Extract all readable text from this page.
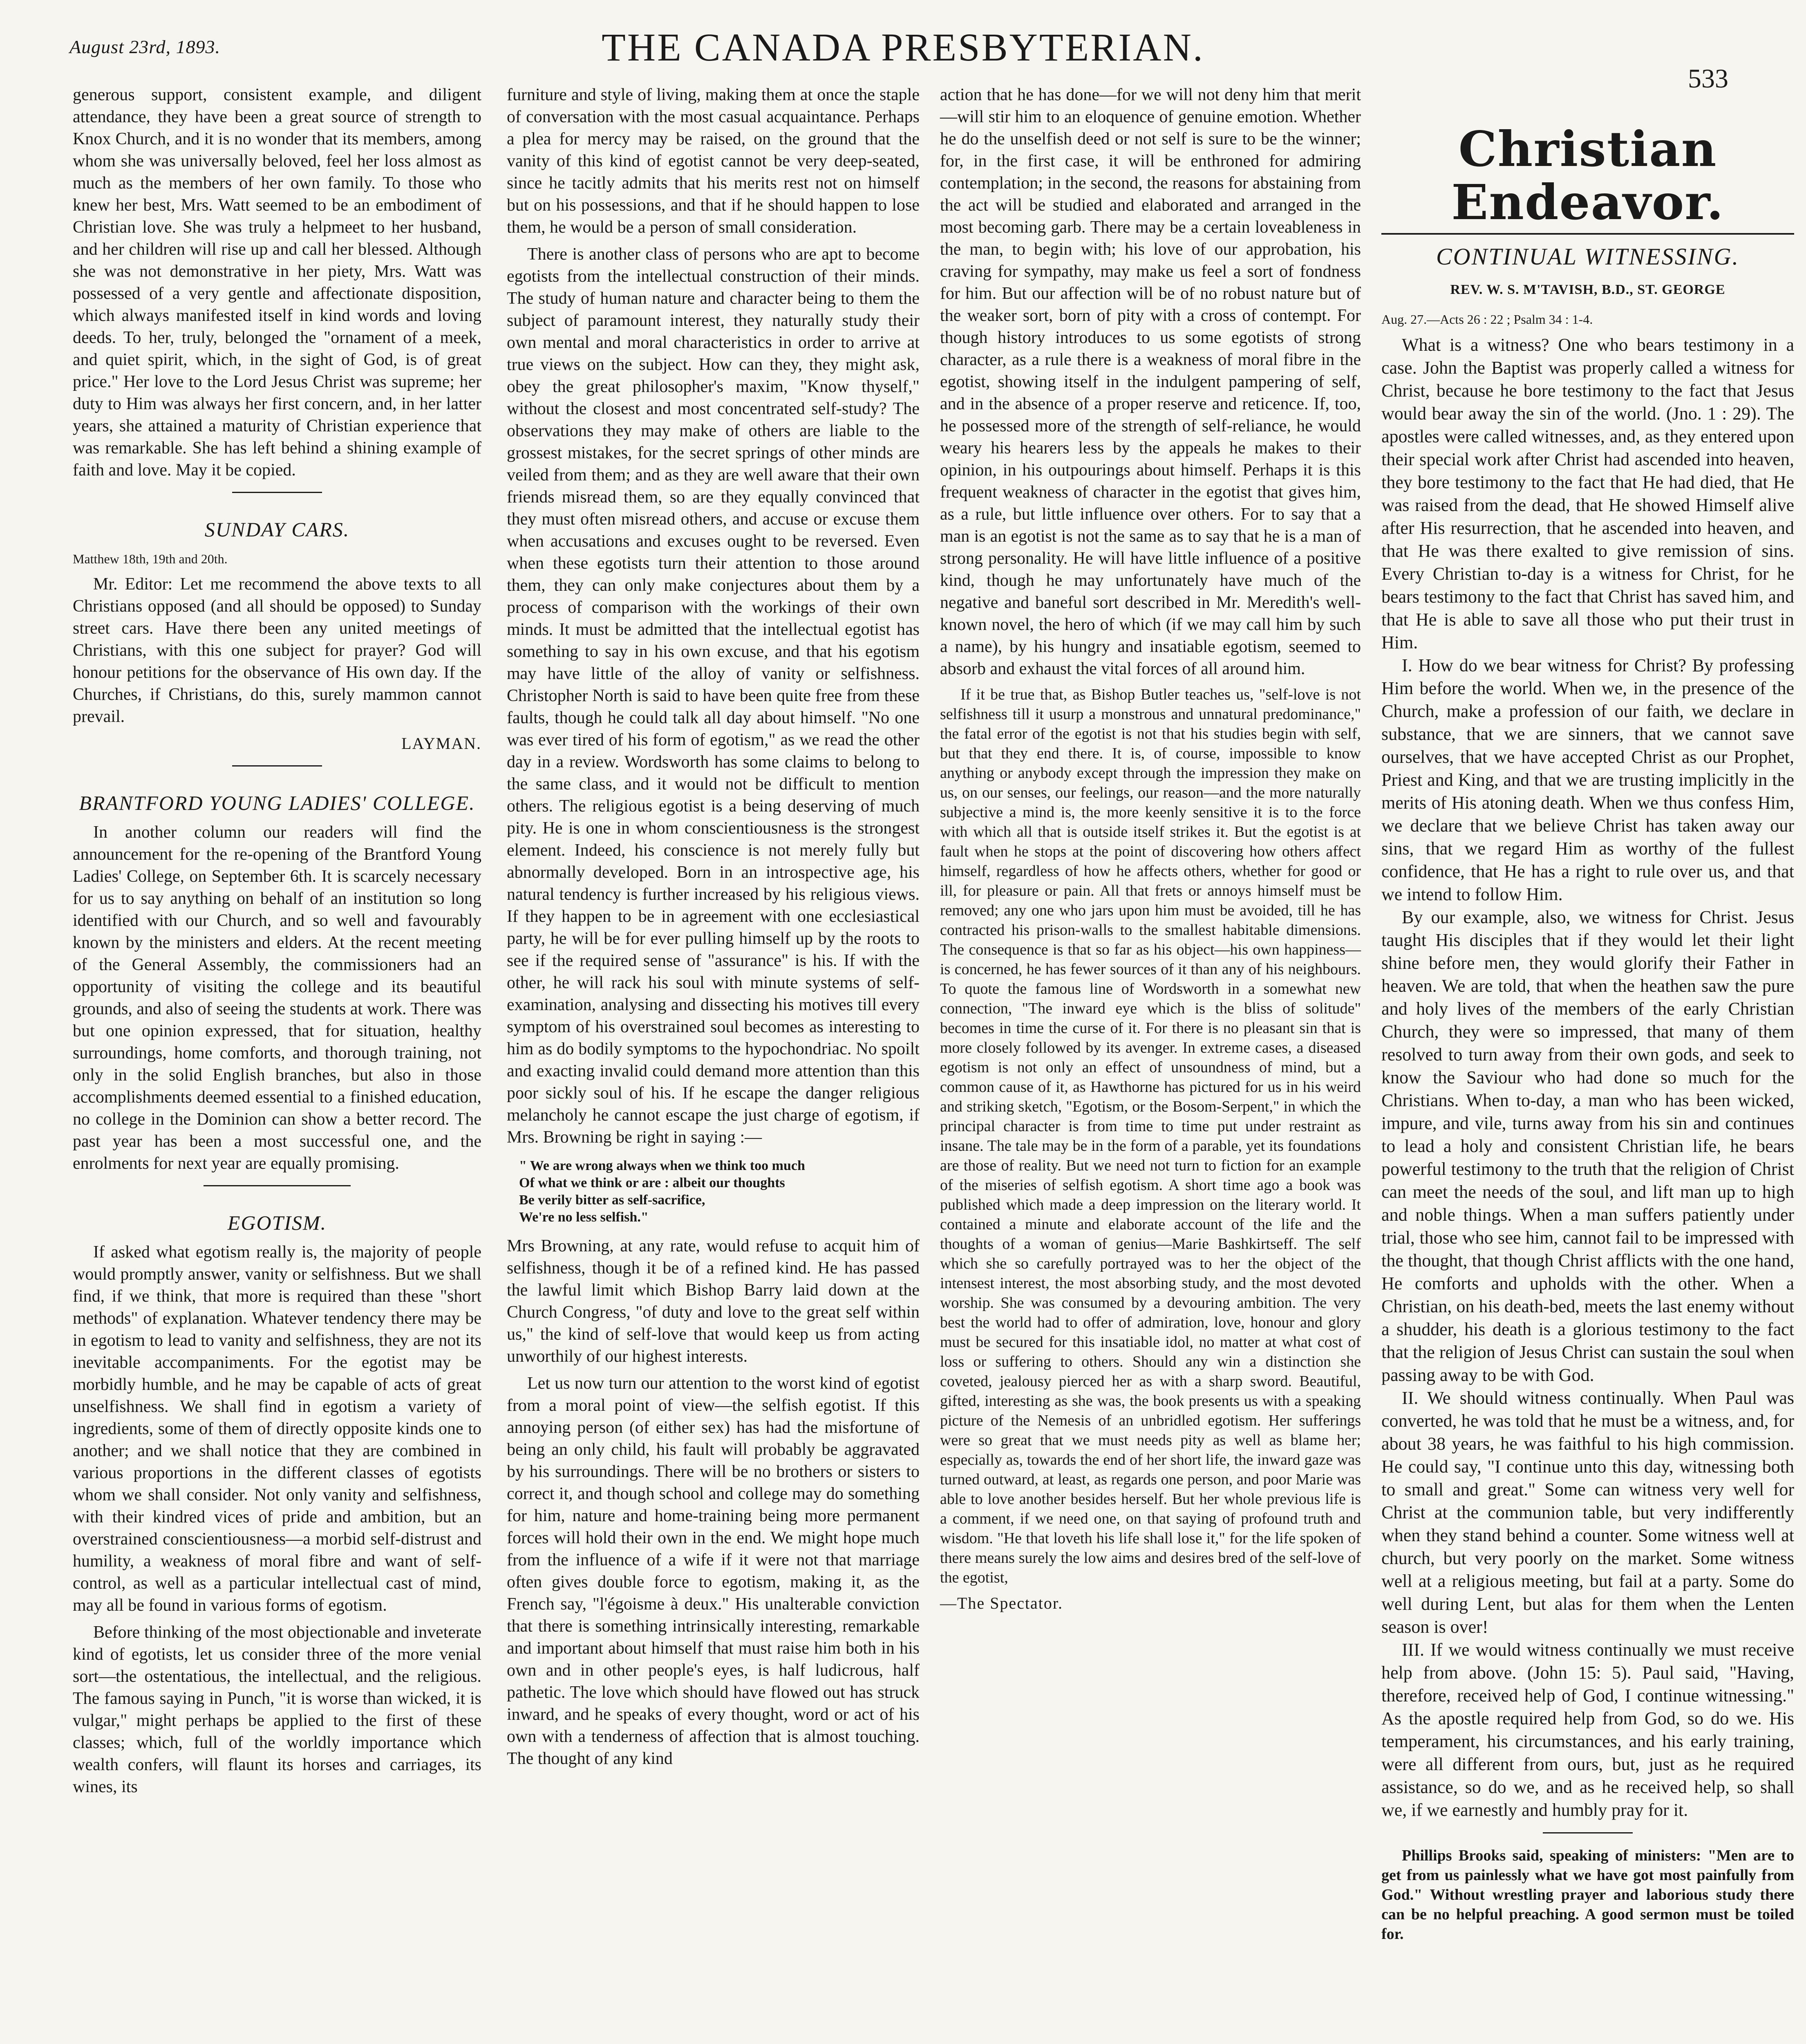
August 23rd, 1893.	THE CANADA PRESBYTERIAN.
533

generous support, consistent example, and diligent attendance, they have been a great source of strength to Knox Church, and it is no wonder that its members, among whom she was universally beloved, feel her loss almost as much as the members of her own family. To those who knew her best, Mrs. Watt seemed to be an embodiment of Christian love. She was truly a helpmeet to her husband, and her children will rise up and call her blessed. Although she was not demonstrative in her piety, Mrs. Watt was possessed of a very gentle and affectionate disposition, which always manifested itself in kind words and loving deeds. To her, truly, belonged the "ornament of a meek, and quiet spirit, which, in the sight of God, is of great price." Her love to the Lord Jesus Christ was supreme; her duty to Him was always her first concern, and, in her latter years, she attained a maturity of Christian experience that was remarkable. She has left behind a shining example of faith and love. May it be copied.

SUNDAY CARS.
Matthew 18th, 19th and 20th.

Mr. Editor: Let me recommend the above texts to all Christians opposed (and all should be opposed) to Sunday street cars. Have there been any united meetings of Christians, with this one subject for prayer? God will honour petitions for the observance of His own day. If the Churches, if Christians, do this, surely mammon cannot prevail.

LAYMAN.
BRANTFORD YOUNG LADIES' COLLEGE.

In another column our readers will find the announcement for the re-opening of the Brantford Young Ladies' College, on September 6th. It is scarcely necessary for us to say anything on behalf of an institution so long identified with our Church, and so well and favourably known by the ministers and elders. At the recent meeting of the General Assembly, the commissioners had an opportunity of visiting the college and its beautiful grounds, and also of seeing the students at work. There was but one opinion expressed, that for situation, healthy surroundings, home comforts, and thorough training, not only in the solid English branches, but also in those accomplishments deemed essential to a finished education, no college in the Dominion can show a better record. The past year has been a most successful one, and the enrolments for next year are equally promising.

EGOTISM.

If asked what egotism really is, the majority of people would promptly answer, vanity or selfishness. But we shall find, if we think, that more is required than these "short methods" of explanation. Whatever tendency there may be in egotism to lead to vanity and selfishness, they are not its inevitable accompaniments. For the egotist may be morbidly humble, and he may be capable of acts of great unselfishness. We shall find in egotism a variety of ingredients, some of them of directly opposite kinds one to another; and we shall notice that they are combined in various proportions in the different classes of egotists whom we shall consider. Not only vanity and selfishness, with their kindred vices of pride and ambition, but an overstrained conscientiousness—a morbid self-distrust and humility, a weakness of moral fibre and want of self-control, as well as a particular intellectual cast of mind, may all be found in various forms of egotism.

Before thinking of the most objectionable and inveterate kind of egotists, let us consider three of the more venial sort—the ostentatious, the intellectual, and the religious. The famous saying in Punch, "it is worse than wicked, it is vulgar," might perhaps be applied to the first of these classes; which, full of the worldly importance which wealth confers, will flaunt its horses and carriages, its wines, its

furniture and style of living, making them at once the staple of conversation with the most casual acquaintance. Perhaps a plea for mercy may be raised, on the ground that the vanity of this kind of egotist cannot be very deep-seated, since he tacitly admits that his merits rest not on himself but on his possessions, and that if he should happen to lose them, he would be a person of small consideration.

There is another class of persons who are apt to become egotists from the intellectual construction of their minds. The study of human nature and character being to them the subject of paramount interest, they naturally study their own mental and moral characteristics in order to arrive at true views on the subject. How can they, they might ask, obey the great philosopher's maxim, "Know thyself," without the closest and most concentrated self-study? The observations they may make of others are liable to the grossest mistakes, for the secret springs of other minds are veiled from them; and as they are well aware that their own friends misread them, so are they equally convinced that they must often misread others, and accuse or excuse them when accusations and excuses ought to be reversed. Even when these egotists turn their attention to those around them, they can only make conjectures about them by a process of comparison with the workings of their own minds. It must be admitted that the intellectual egotist has something to say in his own excuse, and that his egotism may have little of the alloy of vanity or selfishness. Christopher North is said to have been quite free from these faults, though he could talk all day about himself. "No one was ever tired of his form of egotism," as we read the other day in a review. Wordsworth has some claims to belong to the same class, and it would not be difficult to mention others. The religious egotist is a being deserving of much pity. He is one in whom conscientiousness is the strongest element. Indeed, his conscience is not merely fully but abnormally developed. Born in an introspective age, his natural tendency is further increased by his religious views. If they happen to be in agreement with one ecclesiastical party, he will be for ever pulling himself up by the roots to see if the required sense of "assurance" is his. If with the other, he will rack his soul with minute systems of self-examination, analysing and dissecting his motives till every symptom of his overstrained soul becomes as interesting to him as do bodily symptoms to the hypochondriac. No spoilt and exacting invalid could demand more attention than this poor sickly soul of his. If he escape the danger religious melancholy he cannot escape the just charge of egotism, if Mrs. Browning be right in saying :—

" We are wrong always when we think too much
Of what we think or are : albeit our thoughts
Be verily bitter as self-sacrifice,
We're no less selfish."

Mrs Browning, at any rate, would refuse to acquit him of selfishness, though it be of a refined kind. He has passed the lawful limit which Bishop Barry laid down at the Church Congress, "of duty and love to the great self within us," the kind of self-love that would keep us from acting unworthily of our highest interests.

Let us now turn our attention to the worst kind of egotist from a moral point of view—the selfish egotist. If this annoying person (of either sex) has had the misfortune of being an only child, his fault will probably be aggravated by his surroundings. There will be no brothers or sisters to correct it, and though school and college may do something for him, nature and home-training being more permanent forces will hold their own in the end. We might hope much from the influence of a wife if it were not that marriage often gives double force to egotism, making it, as the French say, "l'égoisme à deux." His unalterable conviction that there is something intrinsically interesting, remarkable and important about himself that must raise him both in his own and in other people's eyes, is half ludicrous, half pathetic. The love which should have flowed out has struck inward, and he speaks of every thought, word or act of his own with a tenderness of affection that is almost touching. The thought of any kind

action that he has done—for we will not deny him that merit—will stir him to an eloquence of genuine emotion. Whether he do the unselfish deed or not self is sure to be the winner; for, in the first case, it will be enthroned for admiring contemplation; in the second, the reasons for abstaining from the act will be studied and elaborated and arranged in the most becoming garb. There may be a certain loveableness in the man, to begin with; his love of our approbation, his craving for sympathy, may make us feel a sort of fondness for him. But our affection will be of no robust nature but of the weaker sort, born of pity with a cross of contempt. For though history introduces to us some egotists of strong character, as a rule there is a weakness of moral fibre in the egotist, showing itself in the indulgent pampering of self, and in the absence of a proper reserve and reticence. If, too, he possessed more of the strength of self-reliance, he would weary his hearers less by the appeals he makes to their opinion, in his outpourings about himself. Perhaps it is this frequent weakness of character in the egotist that gives him, as a rule, but little influence over others. For to say that a man is an egotist is not the same as to say that he is a man of strong personality. He will have little influence of a positive kind, though he may unfortunately have much of the negative and baneful sort described in Mr. Meredith's well-known novel, the hero of which (if we may call him by such a name), by his hungry and insatiable egotism, seemed to absorb and exhaust the vital forces of all around him.

If it be true that, as Bishop Butler teaches us, "self-love is not selfishness till it usurp a monstrous and unnatural predominance," the fatal error of the egotist is not that his studies begin with self, but that they end there. It is, of course, impossible to know anything or anybody except through the impression they make on us, on our senses, our feelings, our reason—and the more naturally subjective a mind is, the more keenly sensitive it is to the force with which all that is outside itself strikes it. But the egotist is at fault when he stops at the point of discovering how others affect himself, regardless of how he affects others, whether for good or ill, for pleasure or pain. All that frets or annoys himself must be removed; any one who jars upon him must be avoided, till he has contracted his prison-walls to the smallest habitable dimensions. The consequence is that so far as his object—his own happiness—is concerned, he has fewer sources of it than any of his neighbours. To quote the famous line of Wordsworth in a somewhat new connection, "The inward eye which is the bliss of solitude" becomes in time the curse of it. For there is no pleasant sin that is more closely followed by its avenger. In extreme cases, a diseased egotism is not only an effect of unsoundness of mind, but a common cause of it, as Hawthorne has pictured for us in his weird and striking sketch, "Egotism, or the Bosom-Serpent," in which the principal character is from time to time put under restraint as insane. The tale may be in the form of a parable, yet its foundations are those of reality. But we need not turn to fiction for an example of the miseries of selfish egotism. A short time ago a book was published which made a deep impression on the literary world. It contained a minute and elaborate account of the life and the thoughts of a woman of genius—Marie Bashkirtseff. The self which she so carefully portrayed was to her the object of the intensest interest, the most absorbing study, and the most devoted worship. She was consumed by a devouring ambition. The very best the world had to offer of admiration, love, honour and glory must be secured for this insatiable idol, no matter at what cost of loss or suffering to others. Should any win a distinction she coveted, jealousy pierced her as with a sharp sword. Beautiful, gifted, interesting as she was, the book presents us with a speaking picture of the Nemesis of an unbridled egotism. Her sufferings were so great that we must needs pity as well as blame her; especially as, towards the end of her short life, the inward gaze was turned outward, at least, as regards one person, and poor Marie was able to love another besides herself. But her whole previous life is a comment, if we need one, on that saying of profound truth and wisdom. "He that loveth his life shall lose it," for the life spoken of there means surely the low aims and desires bred of the self-love of the egotist,

—The Spectator.
Christian Endeavor.
CONTINUAL WITNESSING.
REV. W. S. M'TAVISH, B.D., ST. GEORGE
Aug. 27.—Acts 26 : 22 ; Psalm 34 : 1-4.

What is a witness? One who bears testimony in a case. John the Baptist was properly called a witness for Christ, because he bore testimony to the fact that Jesus would bear away the sin of the world. (Jno. 1 : 29). The apostles were called witnesses, and, as they entered upon their special work after Christ had ascended into heaven, they bore testimony to the fact that He had died, that He was raised from the dead, that He showed Himself alive after His resurrection, that he ascended into heaven, and that He was there exalted to give remission of sins. Every Christian to-day is a witness for Christ, for he bears testimony to the fact that Christ has saved him, and that He is able to save all those who put their trust in Him.

I. How do we bear witness for Christ? By professing Him before the world. When we, in the presence of the Church, make a profession of our faith, we declare in substance, that we are sinners, that we cannot save ourselves, that we have accepted Christ as our Prophet, Priest and King, and that we are trusting implicitly in the merits of His atoning death. When we thus confess Him, we declare that we believe Christ has taken away our sins, that we regard Him as worthy of the fullest confidence, that He has a right to rule over us, and that we intend to follow Him.

By our example, also, we witness for Christ. Jesus taught His disciples that if they would let their light shine before men, they would glorify their Father in heaven. We are told, that when the heathen saw the pure and holy lives of the members of the early Christian Church, they were so impressed, that many of them resolved to turn away from their own gods, and seek to know the Saviour who had done so much for the Christians. When to-day, a man who has been wicked, impure, and vile, turns away from his sin and continues to lead a holy and consistent Christian life, he bears powerful testimony to the truth that the religion of Christ can meet the needs of the soul, and lift man up to high and noble things. When a man suffers patiently under trial, those who see him, cannot fail to be impressed with the thought, that though Christ afflicts with the one hand, He comforts and upholds with the other. When a Christian, on his death-bed, meets the last enemy without a shudder, his death is a glorious testimony to the fact that the religion of Jesus Christ can sustain the soul when passing away to be with God.

II. We should witness continually. When Paul was converted, he was told that he must be a witness, and, for about 38 years, he was faithful to his high commission. He could say, "I continue unto this day, witnessing both to small and great." Some can witness very well for Christ at the communion table, but very indifferently when they stand behind a counter. Some witness well at church, but very poorly on the market. Some witness well at a religious meeting, but fail at a party. Some do well during Lent, but alas for them when the Lenten season is over!

III. If we would witness continually we must receive help from above. (John 15: 5). Paul said, "Having, therefore, received help of God, I continue witnessing." As the apostle required help from God, so do we. His temperament, his circumstances, and his early training, were all different from ours, but, just as he required assistance, so do we, and as he received help, so shall we, if we earnestly and humbly pray for it.

Phillips Brooks said, speaking of ministers: "Men are to get from us painlessly what we have got most painfully from God." Without wrestling prayer and laborious study there can be no helpful preaching. A good sermon must be toiled for.
